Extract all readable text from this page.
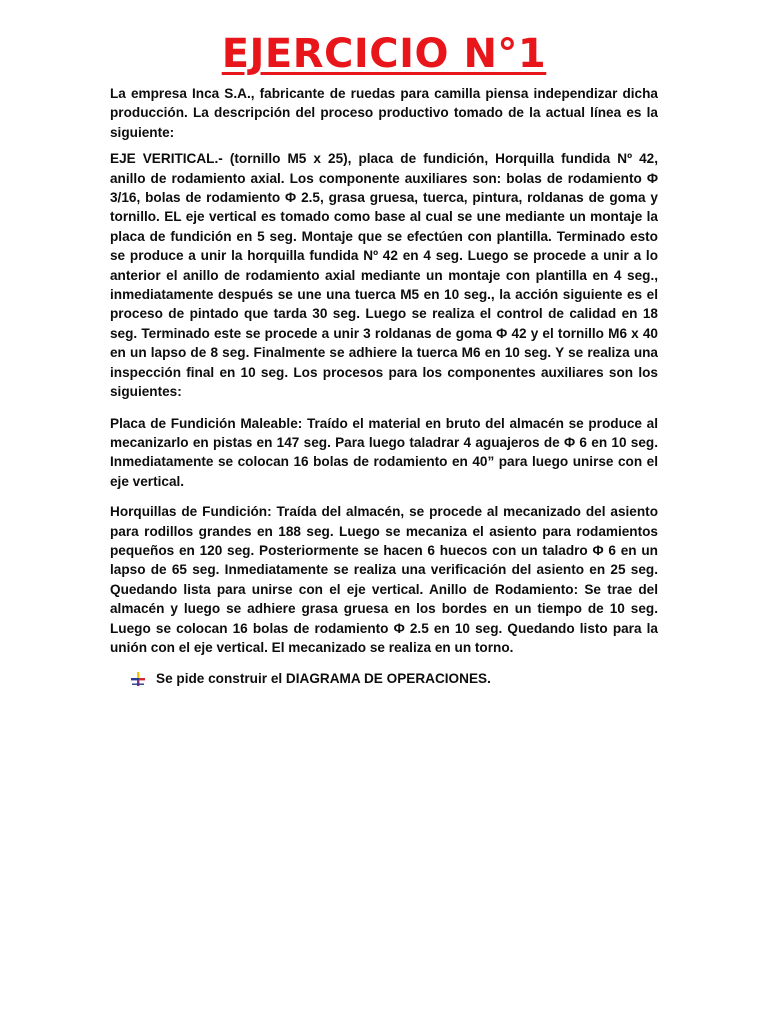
EJERCICIO N°1

La empresa Inca S.A., fabricante de ruedas para camilla piensa independizar dicha producción. La descripción del proceso productivo tomado de la actual línea es la siguiente:

EJE VERITICAL.- (tornillo M5 x 25), placa de fundición, Horquilla fundida Nº 42, anillo de rodamiento axial. Los componente auxiliares son: bolas de rodamiento Φ 3/16, bolas de rodamiento Φ 2.5, grasa gruesa, tuerca, pintura, roldanas de goma y tornillo. EL eje vertical es tomado como base al cual se une mediante un montaje la placa de fundición en 5 seg. Montaje que se efectúen con plantilla. Terminado esto se produce a unir la horquilla fundida Nº 42 en 4 seg. Luego se procede a unir a lo anterior el anillo de rodamiento axial mediante un montaje con plantilla en 4 seg., inmediatamente después se une una tuerca M5 en 10 seg., la acción siguiente es el proceso de pintado que tarda 30 seg. Luego se realiza el control de calidad en 18 seg. Terminado este se procede a unir 3 roldanas de goma Φ 42 y el tornillo M6 x 40 en un lapso de 8 seg. Finalmente se adhiere la tuerca M6 en 10 seg. Y se realiza una inspección final en 10 seg. Los procesos para los componentes auxiliares son los siguientes:

Placa de Fundición Maleable: Traído el material en bruto del almacén se produce al mecanizarlo en pistas en 147 seg. Para luego taladrar 4 aguajeros de Φ 6 en 10 seg. Inmediatamente se colocan 16 bolas de rodamiento en 40” para luego unirse con el eje vertical.

Horquillas de Fundición: Traída del almacén, se procede al mecanizado del asiento para rodillos grandes en 188 seg. Luego se mecaniza el asiento para rodamientos pequeños en 120 seg. Posteriormente se hacen 6 huecos con un taladro Φ 6 en un lapso de 65 seg. Inmediatamente se realiza una verificación del asiento en 25 seg. Quedando lista para unirse con el eje vertical. Anillo de Rodamiento: Se trae del almacén y luego se adhiere grasa gruesa en los bordes en un tiempo de 10 seg. Luego se colocan 16 bolas de rodamiento Φ 2.5 en 10 seg. Quedando listo para la unión con el eje vertical. El mecanizado se realiza en un torno.

Se pide construir el DIAGRAMA DE OPERACIONES.
